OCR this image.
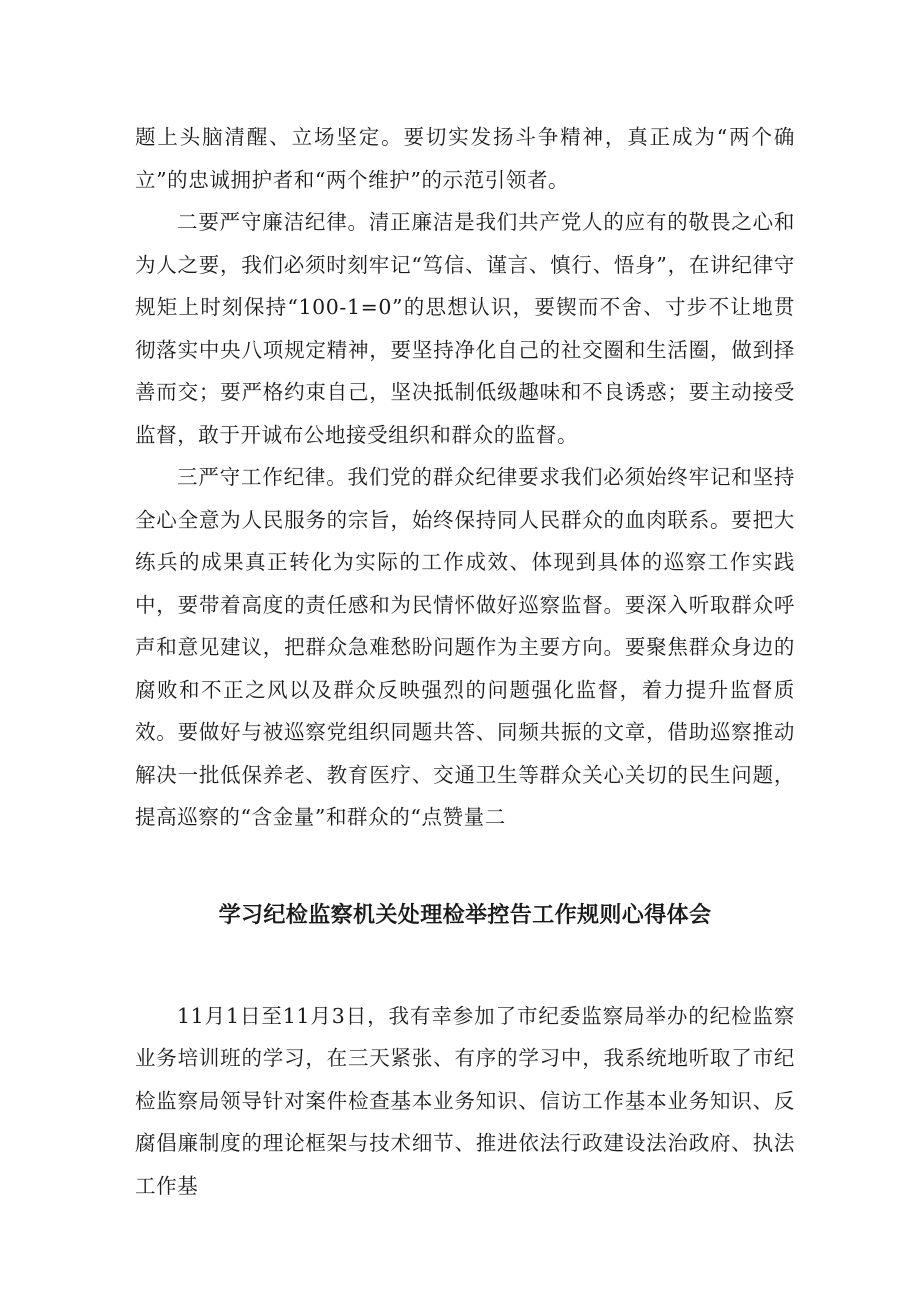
题上头脑清醒、立场坚定。要切实发扬斗争精神，真正成为“两个确立”的忠诚拥护者和“两个维护”的示范引领者。

二要严守廉洁纪律。清正廉洁是我们共产党人的应有的敬畏之心和为人之要，我们必须时刻牢记“笃信、谨言、慎行、悟身”，在讲纪律守规矩上时刻保持“100-1=0”的思想认识，要锲而不舍、寸步不让地贯彻落实中央八项规定精神，要坚持净化自己的社交圈和生活圈，做到择善而交；要严格约束自己，坚决抵制低级趣味和不良诱惑；要主动接受监督，敢于开诚布公地接受组织和群众的监督。

三严守工作纪律。我们党的群众纪律要求我们必须始终牢记和坚持全心全意为人民服务的宗旨，始终保持同人民群众的血肉联系。要把大练兵的成果真正转化为实际的工作成效、体现到具体的巡察工作实践中，要带着高度的责任感和为民情怀做好巡察监督。要深入听取群众呼声和意见建议，把群众急难愁盼问题作为主要方向。要聚焦群众身边的腐败和不正之风以及群众反映强烈的问题强化监督，着力提升监督质效。要做好与被巡察党组织同题共答、同频共振的文章，借助巡察推动解决一批低保养老、教育医疗、交通卫生等群众关心关切的民生问题，提高巡察的“含金量”和群众的“点赞量二

学习纪检监察机关处理检举控告工作规则心得体会

11月1日至11月3日，我有幸参加了市纪委监察局举办的纪检监察业务培训班的学习，在三天紧张、有序的学习中，我系统地听取了市纪检监察局领导针对案件检查基本业务知识、信访工作基本业务知识、反腐倡廉制度的理论框架与技术细节、推进依法行政建设法治政府、执法工作基
